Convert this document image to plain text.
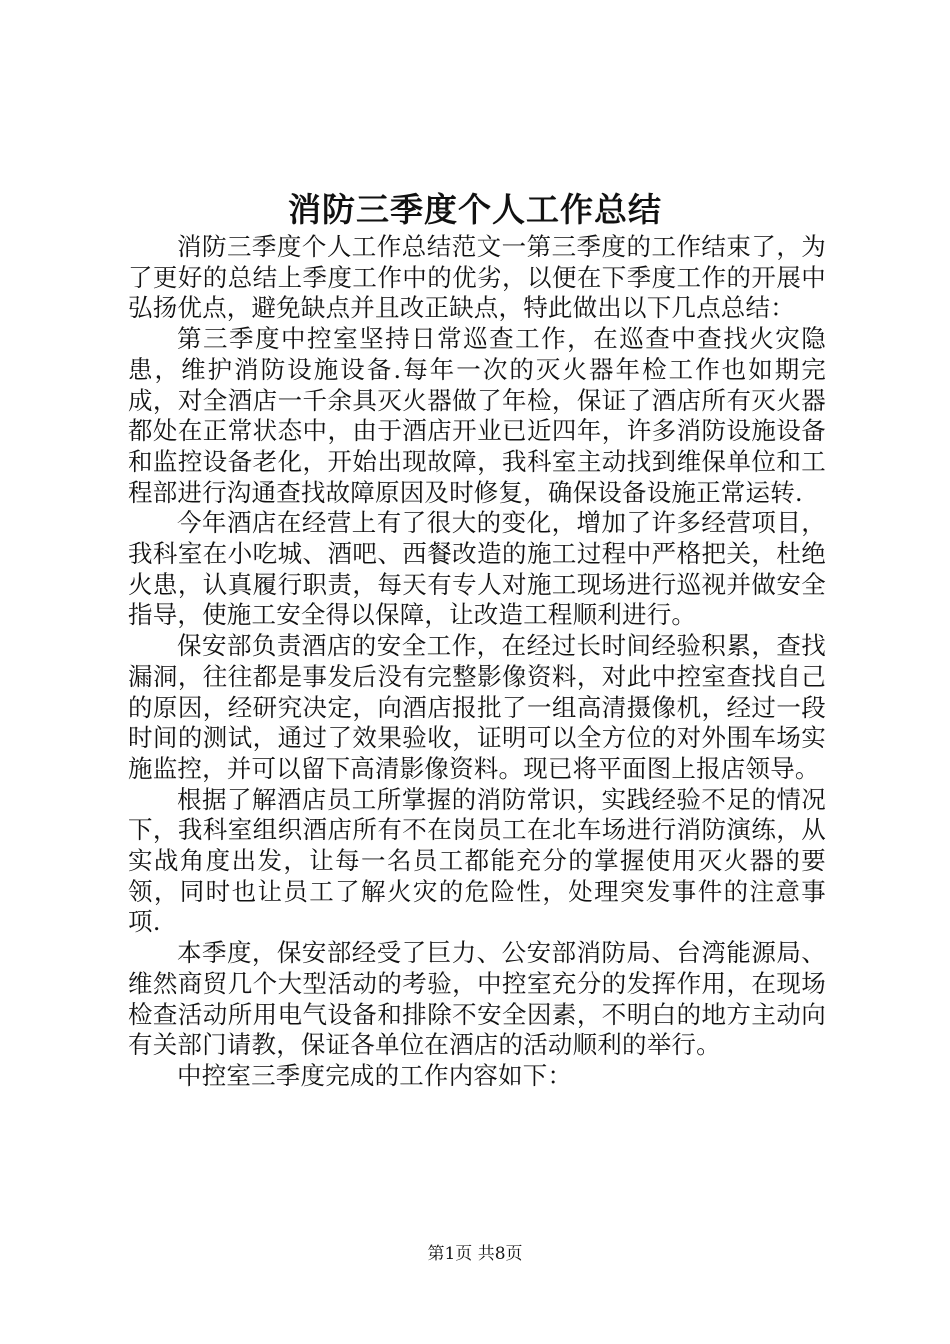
消防三季度个人工作总结

消防三季度个人工作总结范文一第三季度的工作结束了，为了更好的总结上季度工作中的优劣，以便在下季度工作的开展中弘扬优点，避免缺点并且改正缺点，特此做出以下几点总结：

第三季度中控室坚持日常巡查工作，在巡查中查找火灾隐患，维护消防设施设备.每年一次的灭火器年检工作也如期完成，对全酒店一千余具灭火器做了年检，保证了酒店所有灭火器都处在正常状态中，由于酒店开业已近四年，许多消防设施设备和监控设备老化，开始出现故障，我科室主动找到维保单位和工程部进行沟通查找故障原因及时修复，确保设备设施正常运转.

今年酒店在经营上有了很大的变化，增加了许多经营项目，我科室在小吃城、酒吧、西餐改造的施工过程中严格把关，杜绝火患，认真履行职责，每天有专人对施工现场进行巡视并做安全指导，使施工安全得以保障，让改造工程顺利进行。

保安部负责酒店的安全工作，在经过长时间经验积累，查找漏洞，往往都是事发后没有完整影像资料，对此中控室查找自己的原因，经研究决定，向酒店报批了一组高清摄像机，经过一段时间的测试，通过了效果验收，证明可以全方位的对外围车场实施监控，并可以留下高清影像资料。现已将平面图上报店领导。

根据了解酒店员工所掌握的消防常识，实践经验不足的情况下，我科室组织酒店所有不在岗员工在北车场进行消防演练，从实战角度出发，让每一名员工都能充分的掌握使用灭火器的要领，同时也让员工了解火灾的危险性，处理突发事件的注意事项.

本季度，保安部经受了巨力、公安部消防局、台湾能源局、维然商贸几个大型活动的考验，中控室充分的发挥作用，在现场检查活动所用电气设备和排除不安全因素，不明白的地方主动向有关部门请教，保证各单位在酒店的活动顺利的举行。

中控室三季度完成的工作内容如下：

第1页 共8页
